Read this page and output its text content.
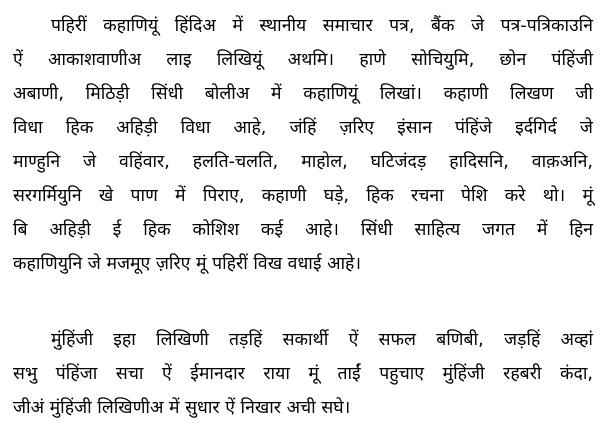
पहिरीं कहाणियूं हिंदिअ में स्थानीय समाचार पत्र, बैंक जे पत्र-पत्रिकाउनि
ऐं आकाशवाणीअ लाइ लिखियूं अथमि। हाणे सोचियुमि, छोन पंहिंजी
अबाणी, मिठिड़ी सिंधी बोलीअ में कहाणियूं लिखां। कहाणी लिखण जी
विधा हिक अहिड़ी विधा आहे, जंहिं ज़रिए इंसान पंहिंजे इर्दगिर्द जे
माण्हुनि जे वहिंवार, हलति-चलति, माहोल, घटिजंदड़ हादिसनि, वाक़अनि,
सरगर्मियुनि खे पाण में पिराए, कहाणी घड़े, हिक रचना पेशि करे थो। मूं
बि अहिड़ी ई हिक कोशिश कई आहे। सिंधी साहित्य जगत में हिन
कहाणियुनि जे मजमूए ज़रिए मूं पहिरीं विख वधाई आहे।

मुंहिंजी इहा लिखिणी तड़हिं सकार्थी ऐं सफल बणिबी, जड़हिं अव्हां
सभु पंहिंजा सचा ऐं ईमानदार राया मूं ताईं पहुचाए मुंहिंजी रहबरी कंदा,
जीअं मुंहिंजी लिखिणीअ में सुधार ऐं निखार अची सघे।
